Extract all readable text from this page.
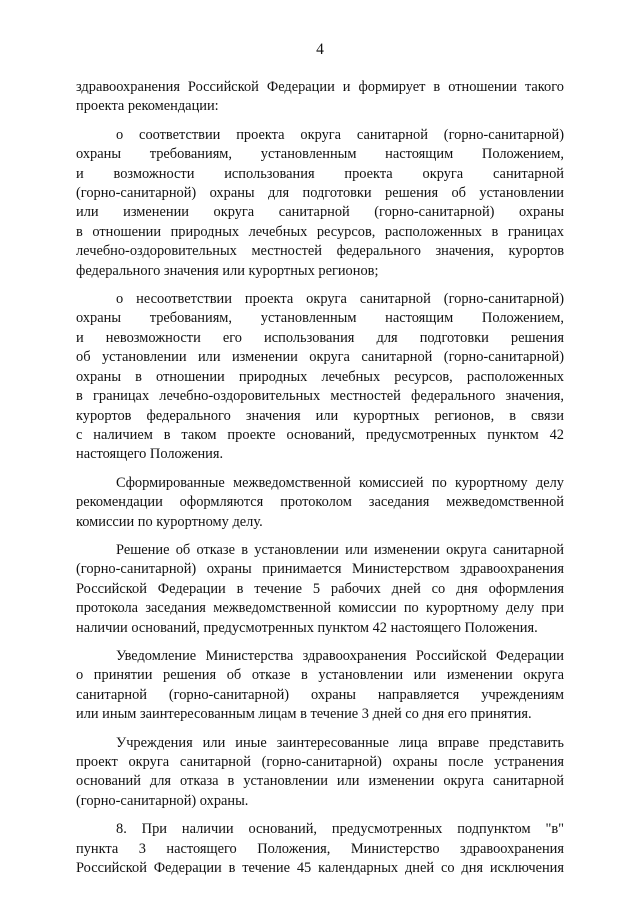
4

здравоохранения Российской Федерации и формирует в отношении такого

проекта рекомендации:

о соответствии проекта округа санитарной (горно-санитарной)

охраны требованиям, установленным настоящим Положением,

и возможности использования проекта округа санитарной

(горно-санитарной) охраны для подготовки решения об установлении

или изменении округа санитарной (горно-санитарной) охраны

в отношении природных лечебных ресурсов, расположенных в границах

лечебно-оздоровительных местностей федерального значения, курортов

федерального значения или курортных регионов;

о несоответствии проекта округа санитарной (горно-санитарной)

охраны требованиям, установленным настоящим Положением,

и невозможности его использования для подготовки решения

об установлении или изменении округа санитарной (горно-санитарной)

охраны в отношении природных лечебных ресурсов, расположенных

в границах лечебно-оздоровительных местностей федерального значения,

курортов федерального значения или курортных регионов, в связи

с наличием в таком проекте оснований, предусмотренных пунктом 42

настоящего Положения.

Сформированные межведомственной комиссией по курортному делу

рекомендации оформляются протоколом заседания межведомственной

комиссии по курортному делу.

Решение об отказе в установлении или изменении округа санитарной

(горно-санитарной) охраны принимается Министерством здравоохранения

Российской Федерации в течение 5 рабочих дней со дня оформления

протокола заседания межведомственной комиссии по курортному делу при

наличии оснований, предусмотренных пунктом 42 настоящего Положения.

Уведомление Министерства здравоохранения Российской Федерации

о принятии решения об отказе в установлении или изменении округа

санитарной (горно-санитарной) охраны направляется учреждениям

или иным заинтересованным лицам в течение 3 дней со дня его принятия.

Учреждения или иные заинтересованные лица вправе представить

проект округа санитарной (горно-санитарной) охраны после устранения

оснований для отказа в установлении или изменении округа санитарной

(горно-санитарной) охраны.

8. При наличии оснований, предусмотренных подпунктом "в"

пункта 3 настоящего Положения, Министерство здравоохранения

Российской Федерации в течение 45 календарных дней со дня исключения
